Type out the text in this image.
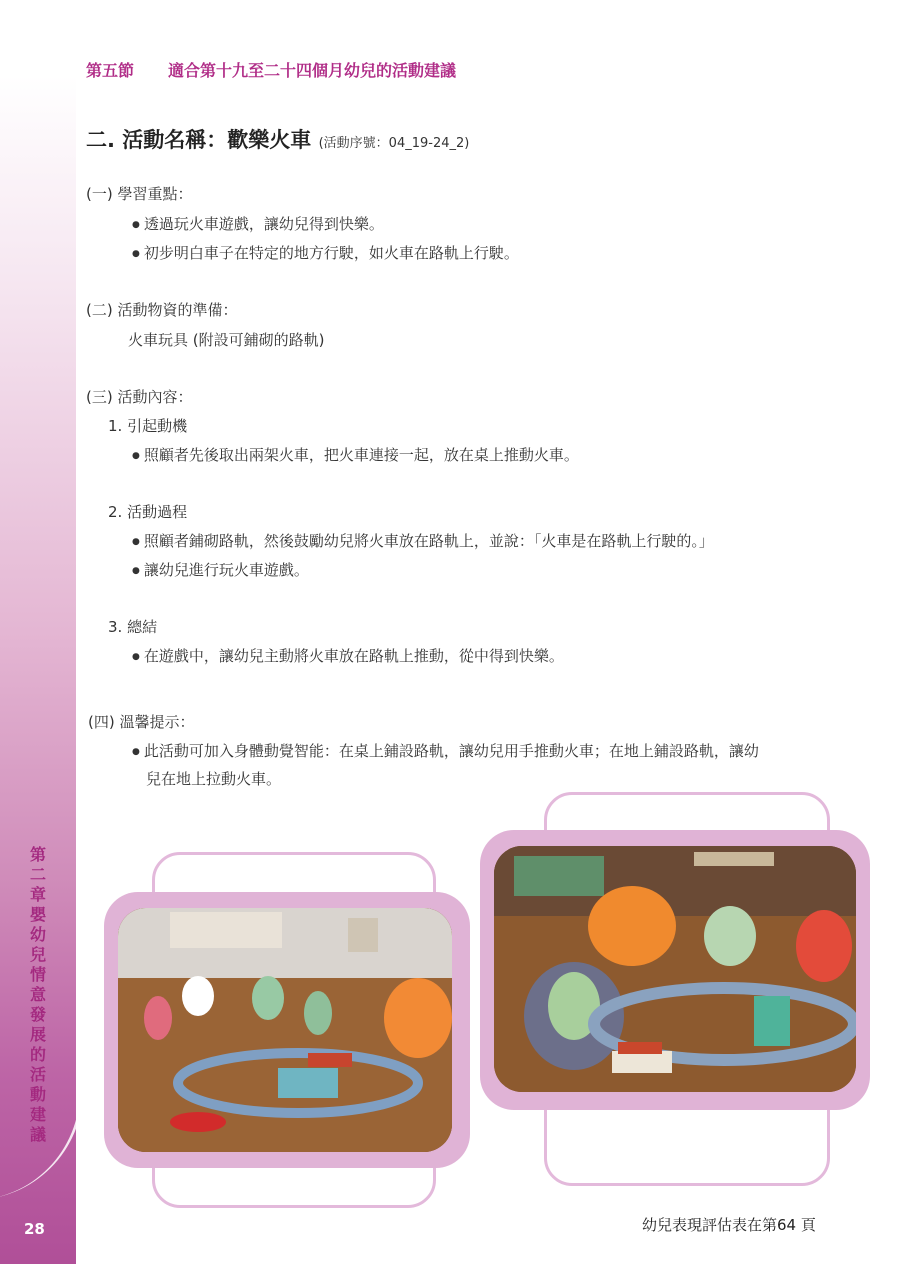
第二章 嬰幼兒情意發展的活動建議
28
第五節 適合第十九至二十四個月幼兒的活動建議
二. 活動名稱：歡樂火車 (活動序號：04_19-24_2)
(一) 學習重點：
● 透過玩火車遊戲，讓幼兒得到快樂。
● 初步明白車子在特定的地方行駛，如火車在路軌上行駛。
(二) 活動物資的準備：
火車玩具 (附設可鋪砌的路軌)
(三) 活動內容：
1. 引起動機
● 照顧者先後取出兩架火車，把火車連接一起，放在桌上推動火車。
2. 活動過程
● 照顧者鋪砌路軌，然後鼓勵幼兒將火車放在路軌上，並說：「火車是在路軌上行駛的。」
● 讓幼兒進行玩火車遊戲。
3. 總結
● 在遊戲中，讓幼兒主動將火車放在路軌上推動，從中得到快樂。
(四) 溫馨提示：
● 此活動可加入身體動覺智能：在桌上鋪設路軌，讓幼兒用手推動火車；在地上鋪設路軌，讓幼
兒在地上拉動火車。
幼兒表現評估表在第64 頁
